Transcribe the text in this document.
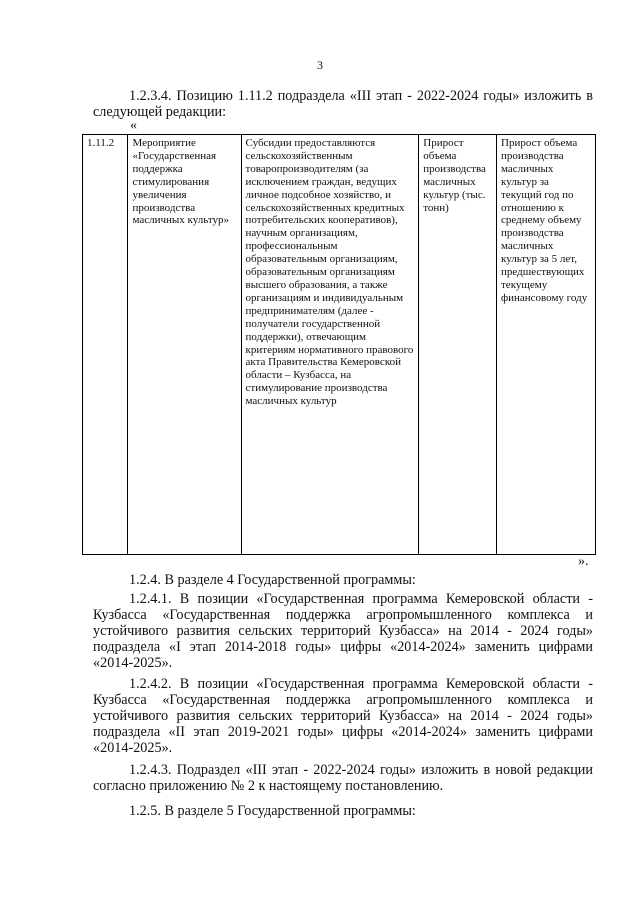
3

1.2.3.4. Позицию 1.11.2 подраздела «III этап - 2022-2024 годы» изложить в следующей редакции:

«
1.11.2	Мероприятие «Государственная поддержка стимулирования увеличения производства масличных культур»	Субсидии предоставляются сельскохозяйственным товаропроизводителям (за исключением граждан, ведущих личное подсобное хозяйство, и сельскохозяйственных кредитных потребительских кооперативов), научным организациям, профессиональным образовательным организациям, образовательным организациям высшего образования, а также организациям и индивидуальным предпринимателям (далее - получатели государственной поддержки), отвечающим критериям нормативного правового акта Правительства Кемеровской области – Кузбасса, на стимулирование производства масличных культур	Прирост объема производства масличных культур (тыс. тонн)	Прирост объема производства масличных культур за текущий год по отношению к среднему объему производства масличных культур за 5 лет, предшествующих текущему финансовому году
».

1.2.4. В разделе 4 Государственной программы:

1.2.4.1. В позиции «Государственная программа Кемеровской области - Кузбасса «Государственная поддержка агропромышленного комплекса и устойчивого развития сельских территорий Кузбасса» на 2014 - 2024 годы» подраздела «I этап 2014-2018 годы» цифры «2014-2024» заменить цифрами «2014-2025».

1.2.4.2. В позиции «Государственная программа Кемеровской области - Кузбасса «Государственная поддержка агропромышленного комплекса и устойчивого развития сельских территорий Кузбасса» на 2014 - 2024 годы» подраздела «II этап 2019-2021 годы» цифры «2014-2024» заменить цифрами «2014-2025».

1.2.4.3. Подраздел «III этап - 2022-2024 годы» изложить в новой редакции согласно приложению № 2 к настоящему постановлению.

1.2.5. В разделе 5 Государственной программы:
